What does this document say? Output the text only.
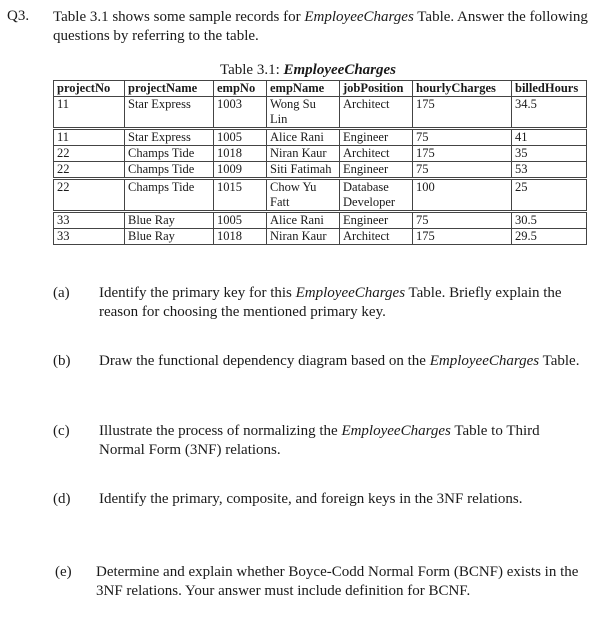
Q3. Table 3.1 shows some sample records for EmployeeCharges Table. Answer the following questions by referring to the table.
Table 3.1: EmployeeCharges
projectNo	projectName	empNo	empName	jobPosition	hourlyCharges	billedHours
11	Star Express	1003	Wong Su Lin	Architect	175	34.5
11	Star Express	1005	Alice Rani	Engineer	75	41
22	Champs Tide	1018	Niran Kaur	Architect	175	35
22	Champs Tide	1009	Siti Fatimah	Engineer	75	53
22	Champs Tide	1015	Chow Yu Fatt	Database Developer	100	25
33	Blue Ray	1005	Alice Rani	Engineer	75	30.5
33	Blue Ray	1018	Niran Kaur	Architect	175	29.5
(a) Identify the primary key for this EmployeeCharges Table. Briefly explain the reason for choosing the mentioned primary key.
(b) Draw the functional dependency diagram based on the EmployeeCharges Table.
(c) Illustrate the process of normalizing the EmployeeCharges Table to Third Normal Form (3NF) relations.
(d) Identify the primary, composite, and foreign keys in the 3NF relations.
(e) Determine and explain whether Boyce-Codd Normal Form (BCNF) exists in the 3NF relations. Your answer must include definition for BCNF.
